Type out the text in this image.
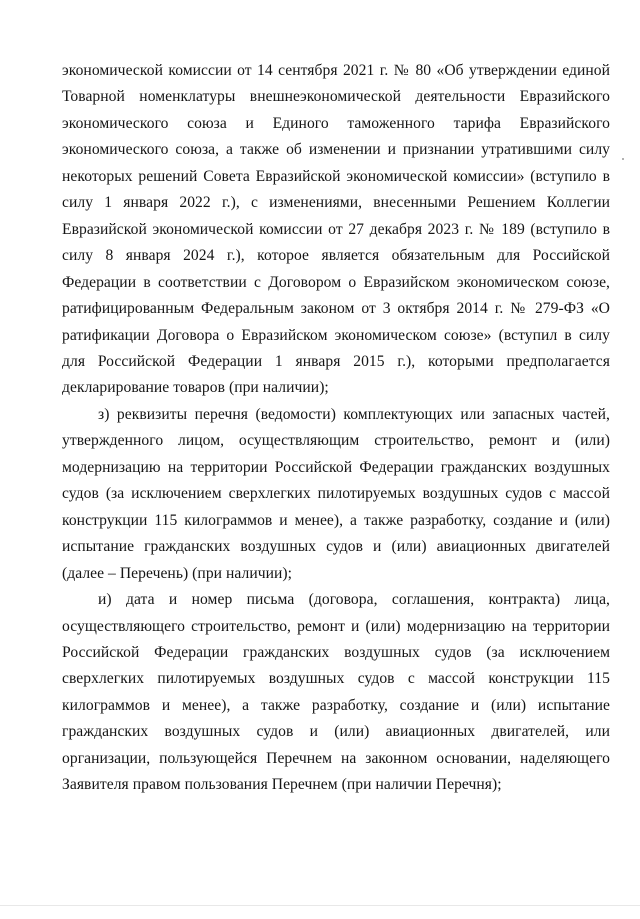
экономической комиссии от 14 сентября 2021 г. № 80 «Об утверждении единой Товарной номенклатуры внешнеэкономической деятельности Евразийского экономического союза и Единого таможенного тарифа Евразийского экономического союза, а также об изменении и признании утратившими силу некоторых решений Совета Евразийской экономической комиссии» (вступило в силу 1 января 2022 г.), с изменениями, внесенными Решением Коллегии Евразийской экономической комиссии от 27 декабря 2023 г. № 189 (вступило в силу 8 января 2024 г.), которое является обязательным для Российской Федерации в соответствии с Договором о Евразийском экономическом союзе, ратифицированным Федеральным законом от 3 октября 2014 г. № 279-ФЗ «О ратификации Договора о Евразийском экономическом союзе» (вступил в силу для Российской Федерации 1 января 2015 г.), которыми предполагается декларирование товаров (при наличии);

з) реквизиты перечня (ведомости) комплектующих или запасных частей, утвержденного лицом, осуществляющим строительство, ремонт и (или) модернизацию на территории Российской Федерации гражданских воздушных судов (за исключением сверхлегких пилотируемых воздушных судов с массой конструкции 115 килограммов и менее), а также разработку, создание и (или) испытание гражданских воздушных судов и (или) авиационных двигателей (далее – Перечень) (при наличии);

и) дата и номер письма (договора, соглашения, контракта) лица, осуществляющего строительство, ремонт и (или) модернизацию на территории Российской Федерации гражданских воздушных судов (за исключением сверхлегких пилотируемых воздушных судов с массой конструкции 115 килограммов и менее), а также разработку, создание и (или) испытание гражданских воздушных судов и (или) авиационных двигателей, или организации, пользующейся Перечнем на законном основании, наделяющего Заявителя правом пользования Перечнем (при наличии Перечня);
